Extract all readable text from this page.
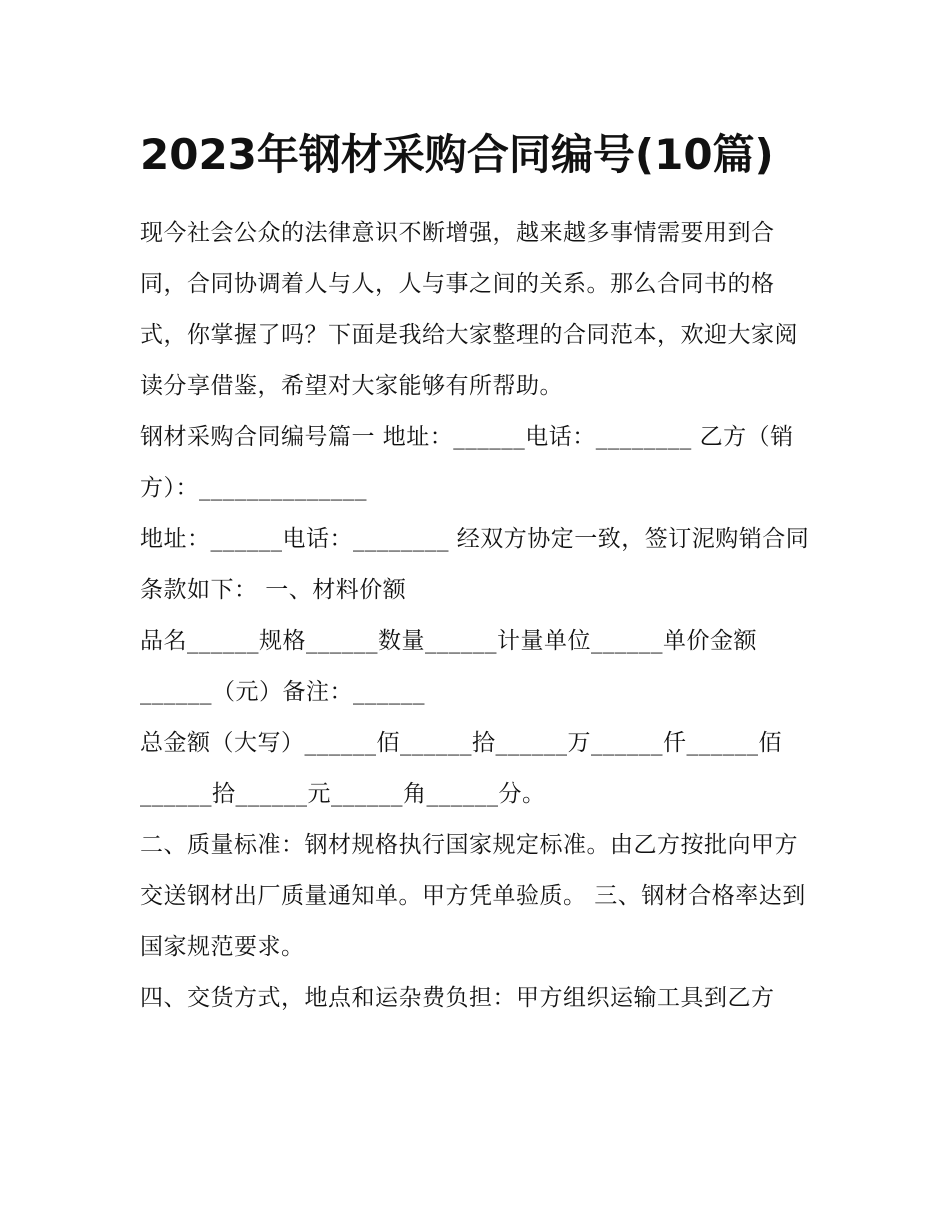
2023年钢材采购合同编号(10篇)

现今社会公众的法律意识不断增强，越来越多事情需要用到合同，合同协调着人与人，人与事之间的关系。那么合同书的格式，你掌握了吗？下面是我给大家整理的合同范本，欢迎大家阅读分享借鉴，希望对大家能够有所帮助。

钢材采购合同编号篇一 地址：______电话：________ 乙方（销方）：______________

地址：______电话：________ 经双方协定一致，签订泥购销合同条款如下： 一、材料价额

品名______规格______数量______计量单位______单价金额______（元）备注：______

总金额（大写）______佰______拾______万______仟______佰______拾______元______角______分。

二、质量标准：钢材规格执行国家规定标准。由乙方按批向甲方交送钢材出厂质量通知单。甲方凭单验质。 三、钢材合格率达到国家规范要求。

四、交货方式，地点和运杂费负担：甲方组织运输工具到乙方
